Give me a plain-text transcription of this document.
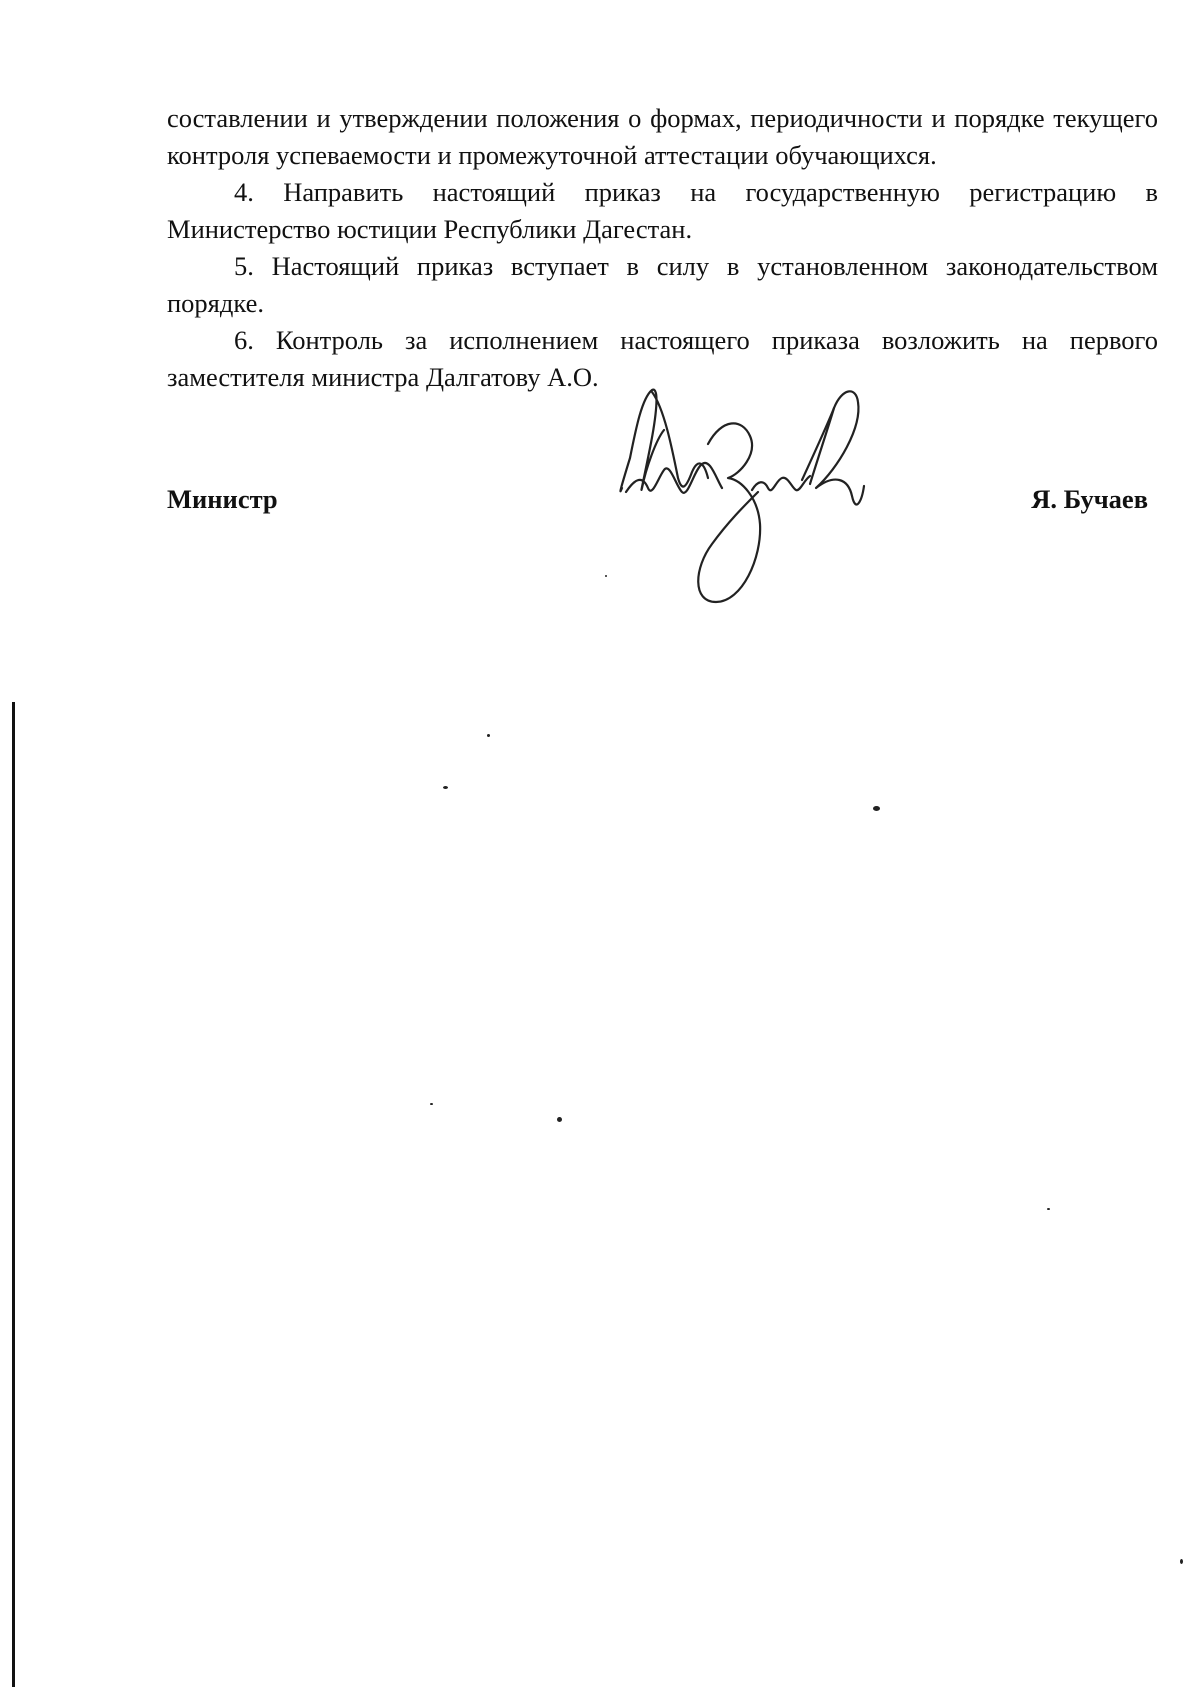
составлении и утверждении положения о формах, периодичности и порядке текущего контроля успеваемости и промежуточной аттестации обучающихся.

4. Направить настоящий приказ на государственную регистрацию в Министерство юстиции Республики Дагестан.

5. Настоящий приказ вступает в силу в установленном законодательством порядке.

6. Контроль за исполнением настоящего приказа возложить на первого заместителя министра Далгатову А.О.

Министр	Я. Бучаев
